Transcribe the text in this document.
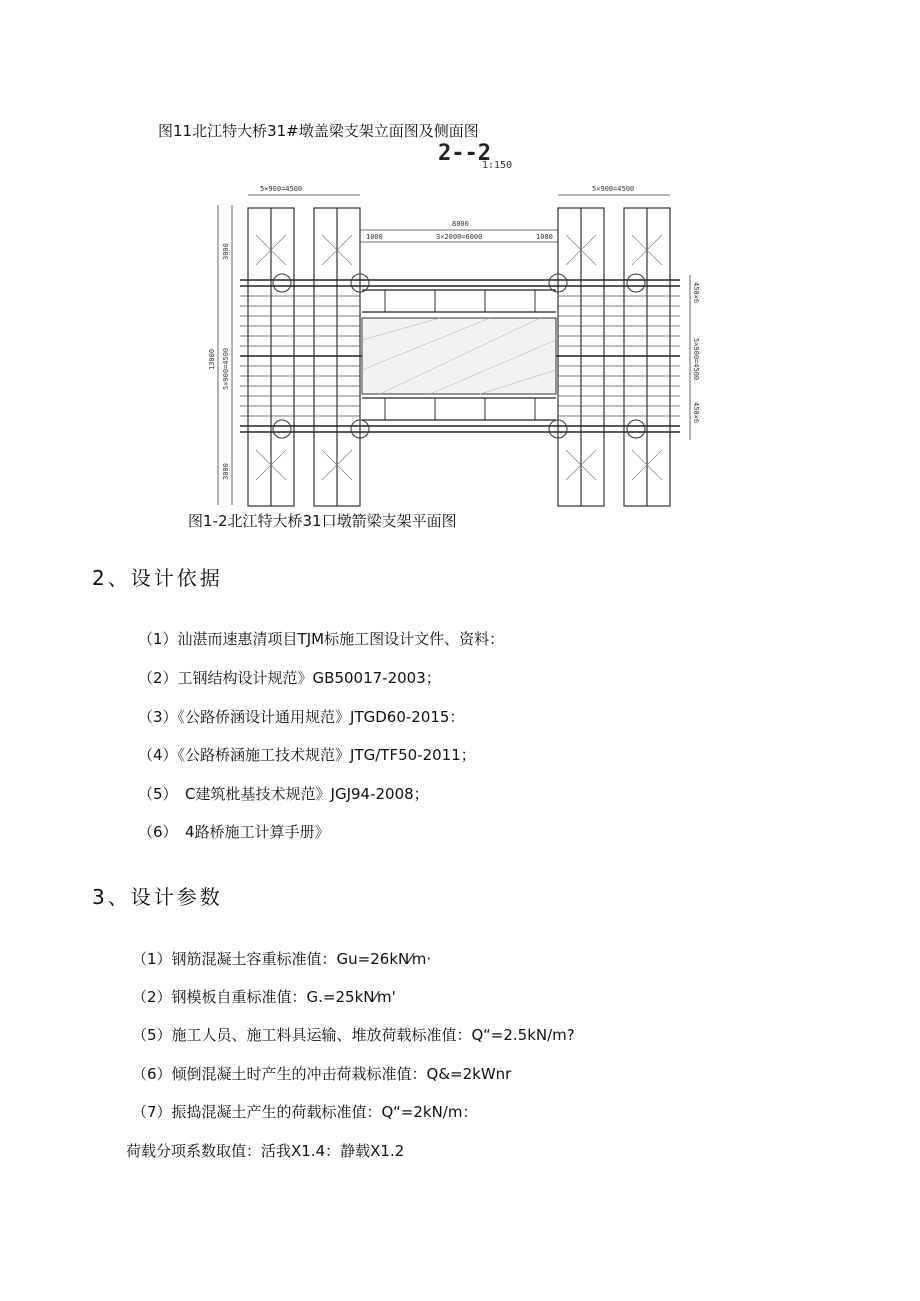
图11北江特大桥31#墩盖梁支架立面图及侧面图
2--2
1:150
5×900=4500	5×900=4500
8000
1000	3×2000=6000	1000
3000
13000 5×900=4500
3000
450×6
5×900=4500
450×6
图1-2北江特大桥31口墩箭梁支架平面图
2、设计依据
（1）汕湛而速惠清项目TJM标施工图设计文件、资料：
（2）工钢结构设计规范》GB50017-2003；
（3）《公路侨涵设计通用规范》JTGD60-2015：
（4）《公路桥涵施工技术规范》JTG/TF50-2011；
（5）　C建筑枇基技术规范》JGJ94-2008；
（6）　4路桥施工计算手册》
3、设计参数
（1）钢筋混凝土容重标准值：Gu=26kN⁄m·
（2）钢模板自重标准值：G.=25kN⁄m'
（5）施工人员、施工料具运输、堆放荷载标准值：Q“=2.5kN/m?
（6）倾倒混凝土时产生的冲击荷栽标准值：Q&=2kWnr
（7）振捣混凝土产生的荷载标准值：Q“=2kN/m：
荷载分项系数取值：活我X1.4：静载X1.2
